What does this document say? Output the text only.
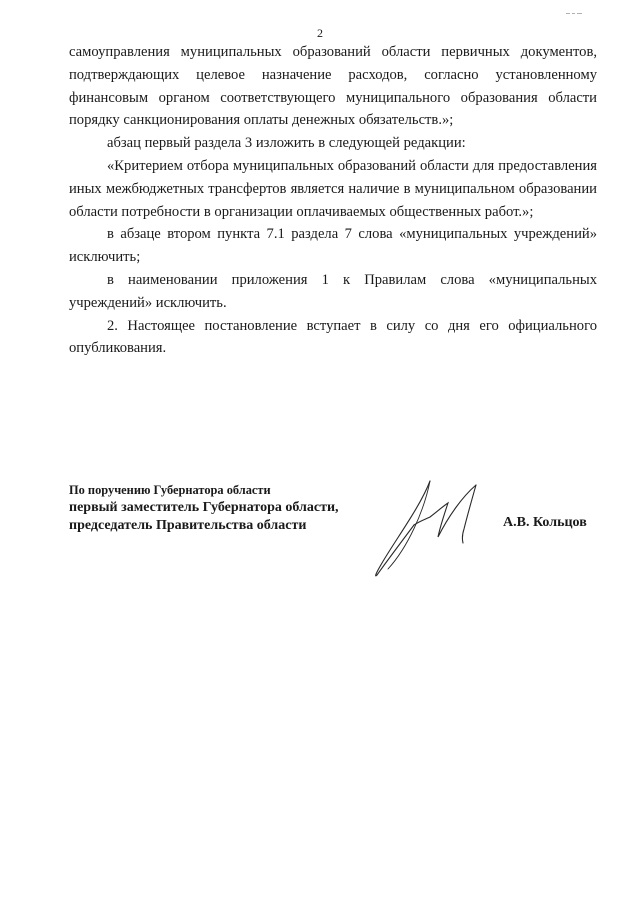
2

самоуправления муниципальных образований области первичных документов, подтверждающих целевое назначение расходов, согласно установленному финансовым органом соответствующего муниципального образования области порядку санкционирования оплаты денежных обязательств.»;

абзац первый раздела 3 изложить в следующей редакции:

«Критерием отбора муниципальных образований области для предоставления иных межбюджетных трансфертов является наличие в муниципальном образовании области потребности в организации оплачиваемых общественных работ.»;

в абзаце втором пункта 7.1 раздела 7 слова «муниципальных учреждений» исключить;

в наименовании приложения 1 к Правилам слова «муниципальных учреждений» исключить.

2. Настоящее постановление вступает в силу со дня его официального опубликования.

По поручению Губернатора области
первый заместитель Губернатора области,
председатель Правительства области	А.В. Кольцов
